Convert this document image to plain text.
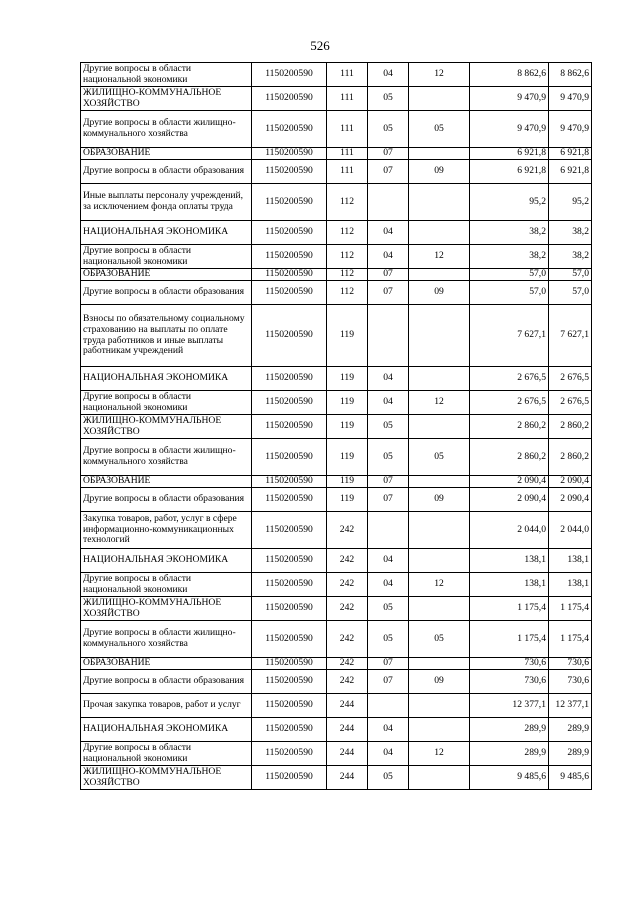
526
Другие вопросы в области национальной экономики	1150200590	111	04	12	8 862,6	8 862,6
ЖИЛИЩНО-КОММУНАЛЬНОЕ ХОЗЯЙСТВО	1150200590	111	05		9 470,9	9 470,9
Другие вопросы в области жилищно-коммунального хозяйства	1150200590	111	05	05	9 470,9	9 470,9
ОБРАЗОВАНИЕ	1150200590	111	07		6 921,8	6 921,8
Другие вопросы в области образования	1150200590	111	07	09	6 921,8	6 921,8
Иные выплаты персоналу учреждений, за исключением фонда оплаты труда	1150200590	112			95,2	95,2
НАЦИОНАЛЬНАЯ ЭКОНОМИКА	1150200590	112	04		38,2	38,2
Другие вопросы в области национальной экономики	1150200590	112	04	12	38,2	38,2
ОБРАЗОВАНИЕ	1150200590	112	07		57,0	57,0
Другие вопросы в области образования	1150200590	112	07	09	57,0	57,0
Взносы по обязательному социальному страхованию на выплаты по оплате труда работников и иные выплаты работникам учреждений	1150200590	119			7 627,1	7 627,1
НАЦИОНАЛЬНАЯ ЭКОНОМИКА	1150200590	119	04		2 676,5	2 676,5
Другие вопросы в области национальной экономики	1150200590	119	04	12	2 676,5	2 676,5
ЖИЛИЩНО-КОММУНАЛЬНОЕ ХОЗЯЙСТВО	1150200590	119	05		2 860,2	2 860,2
Другие вопросы в области жилищно-коммунального хозяйства	1150200590	119	05	05	2 860,2	2 860,2
ОБРАЗОВАНИЕ	1150200590	119	07		2 090,4	2 090,4
Другие вопросы в области образования	1150200590	119	07	09	2 090,4	2 090,4
Закупка товаров, работ, услуг в сфере информационно-коммуникационных технологий	1150200590	242			2 044,0	2 044,0
НАЦИОНАЛЬНАЯ ЭКОНОМИКА	1150200590	242	04		138,1	138,1
Другие вопросы в области национальной экономики	1150200590	242	04	12	138,1	138,1
ЖИЛИЩНО-КОММУНАЛЬНОЕ ХОЗЯЙСТВО	1150200590	242	05		1 175,4	1 175,4
Другие вопросы в области жилищно-коммунального хозяйства	1150200590	242	05	05	1 175,4	1 175,4
ОБРАЗОВАНИЕ	1150200590	242	07		730,6	730,6
Другие вопросы в области образования	1150200590	242	07	09	730,6	730,6
Прочая закупка товаров, работ и услуг	1150200590	244			12 377,1	12 377,1
НАЦИОНАЛЬНАЯ ЭКОНОМИКА	1150200590	244	04		289,9	289,9
Другие вопросы в области национальной экономики	1150200590	244	04	12	289,9	289,9
ЖИЛИЩНО-КОММУНАЛЬНОЕ ХОЗЯЙСТВО	1150200590	244	05		9 485,6	9 485,6
